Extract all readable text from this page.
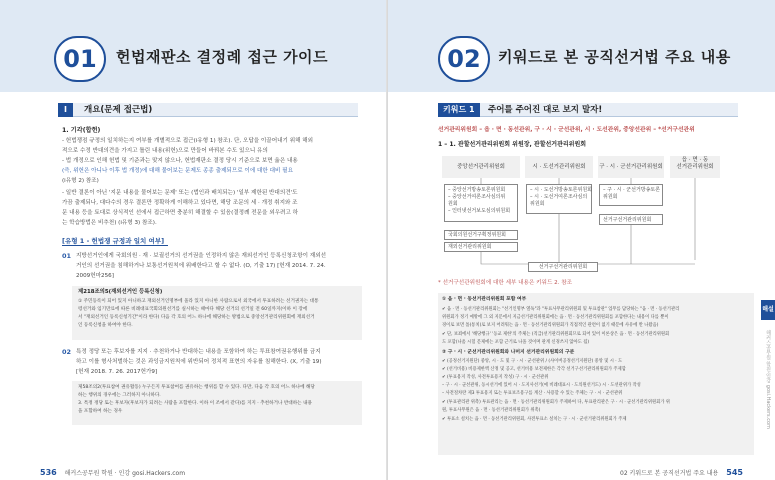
01	헌법재판소 결정례 접근 가이드
I	개요(문제 접근법)
1. 기각(합헌)
- 헌법쟁점 규정의 일치하는지 여부를 개별적으로 접근(i유형 1) 참조). 단, 오답을 이끌어내기 위해 해외
적으로 수정 반대의견을 가지고 틀린 내용(위헌)으로 만들어 바꿔본 수도 있으니 유의
- 법 개정으로 인해 헌법 및 기준과는 맞지 않으나, 헌법재판소 결정 당시 기준으로 보면 옳은 내용
(즉, 위헌은 아니나 이후 법 개정)에 대해 물어보는 문제도 종종 출제되므로 이에 대한 대비 필요
(i유형 2) 참조)
- 일반 결론이 아닌 '지문 내용을 물어보는 문제' 또는 (법인과 배치되는) '일부 제한된 반대의견'도
가끔 출제되나, 대다수의 경우 결론만 정확하게 이해하고 있다면, 해당 조문의 세 · 개정 취지와 조
문 내용 등을 토대로 상식적인 선에서 접근하면 충분히 해결할 수 있음(결정례 전문을 외우려고 하
는 학습방법은 비추천) (i유형 3) 참조).
[유형 1 - 헌법쟁 규정과 일치 여부]
01 지방선거인에게 국회의원 · 재 · 보궐선거의 선거권을 인정하지 않은 재외선거인 등록신청조항이 재외선
거인의 선거권을 침해하거나 보통선거원칙에 위배한다고 할 수 없다. (O, 기출 17) [헌재 2014. 7. 24.
2009헌마256]
제218조의5(재외선거인 등록신청)
① 주민등록이 되어 있지 아니하고 재외선거인명부에 올라 있지 아니한 사람으로서 외국에서 투표하려는 선거권자는 대통
령선거와 임기만료에 따른 비례대표국회의원선거를 실시하는 때마다 해당 선거의 선거일 전 60일까지(이하 이 장에
서 "재외선거인 등록신청기간"이라 한다) 다음 각 호의 어느 하나에 해당하는 방법으로 중앙선거관리위원회에 재외선거
인 등록신청을 하여야 한다.
02 특정 정당 또는 후보자를 지지 · 추천하거나 반대하는 내용을 포함하여 하는 투표참여권유행위를 금지
하고 이를 형사처벌하는 것은 과잉금지원칙에 위반되어 정치적 표현의 자유를 침해한다. (X, 기출 19)
[헌재 2018. 7. 26. 2017헌가9]
제58조의2(투표참여 권유활동) 누구든지 투표참여를 권유하는 행위를 할 수 있다. 다만, 다음 각 호의 어느 하나에 해당
하는 행위의 경우에는 그러하지 아니하다.
3. 특정 정당 또는 후보자(후보자가 되려는 사람을 포함한다. 이하 이 조에서 같다)를 지지 · 추천하거나 반대하는 내용
을 포함하여 하는 경우
536 해커스공무원 학원 · 인강 gosi.Hackers.com
02	키워드로 본 공직선거법 주요 내용
키워드 1	주어를 주어진 대로 보지 말자!
선거관리위원회 – 읍 · 면 · 동선관위, 구 · 시 · 군선관위, 시 · 도선관위, 중앙선관위 – *선거구선관위
1 – 1. 관할선거관리위원회 위원장, 관할선거관리위원회
중앙선거관리위원회	시 · 도선거관리위원회	구 · 시 · 군선거관리위원회
읍 · 면 · 동
선거관리위원회
– 중앙선거방송토론위원회
– 중앙선거여론조사심의위
원회
– 인터넷선거보도심의위원회
– 시 · 도선거방송토론위원회
– 시 · 도선거여론조사심의
위원회
– 구 · 시 · 군선거방송토론
위원회
선거구선거관리위원회
국회의원선거구획정위원회
재외선거관리위원회
선거구선거관리위원회
* 선거구선관위원회에 대한 세부 내용은 키워드 2. 참조
① 읍 · 면 · 동선거관리위원회 포함 여부
✔ 읍 · 면 · 동선거관리위원회는 "선거인명부 열독"과 "투표사무관리위원회 및 투표참관" 업무를 담당하는 "읍 · 면 · 동선거관리
위원회가 정기 예방에 그 외 지문에서 지금선거관리위원회에는 읍 · 면 · 동선거관리위원회를 포함한다는 내용이 다를 뿐이
경이로 보면 틀(통치)로 보지 어려워는 읍 · 면 · 동선거관리위원회가 직접적인 관련이 없기 때문에 사유에 반 나왔음)
✔ 단, 보죄에서 '해당행규' '동교 제한'의 주체는 (직급)선거관리위원회므로 되어 있어 이론상은 읍 · 면 · 동선거관리위원회
도 포함(나옴 시험 문제에는 포함 근거로 나올 것이며 관계 신경쓰지 않아도 됨)
② 구 · 시 · 군선거관리위원회와 나머지 선거관리위원회의 구분
✔ (공정선거지원단) 중앙, 시 · 도 및 구 · 시 · 군선관위 / (사이버공정선거지원단) 중앙 및 시 · 도
✔ (선거비용) 비용제한액 산정 및 공고, 선거비용 보전제한은 각각 선거구선거관리위원회가 주제함
✔ (투표용지 작성, 사전투표용지 작성) 구 · 시 · 군선관위
– 구 · 시 · 군선관위, 동시선거에 있어 시 · 도지사선거(예 비례대표시 · 도의원선거도) 시 · 도선관위가 작성
– 사전절차란 제3 투표용지 또는 투표보조용구를 계산 · 사용할 수 있는 주체는 구 · 시 · 군선관위
✔ (투표관리관 위촉) 투표관리는 읍 · 면 · 동선거관리위원회가 주제하여 다, 투표관리관은 구 · 시 · 군선거관리위원회가 위
원, 투표사무원은 읍 · 면 · 동선거관리위원회가 위촉)
✔ 투표소 설치는 읍 · 면 · 동선거관리위원회, 사전투표소 설치는 구 · 시 · 군선거관리위원회가 주제
해설
해커스공무원 학원·인강 gosi.Hackers.com
02 키워드로 본 공직선거법 주요 내용 545
